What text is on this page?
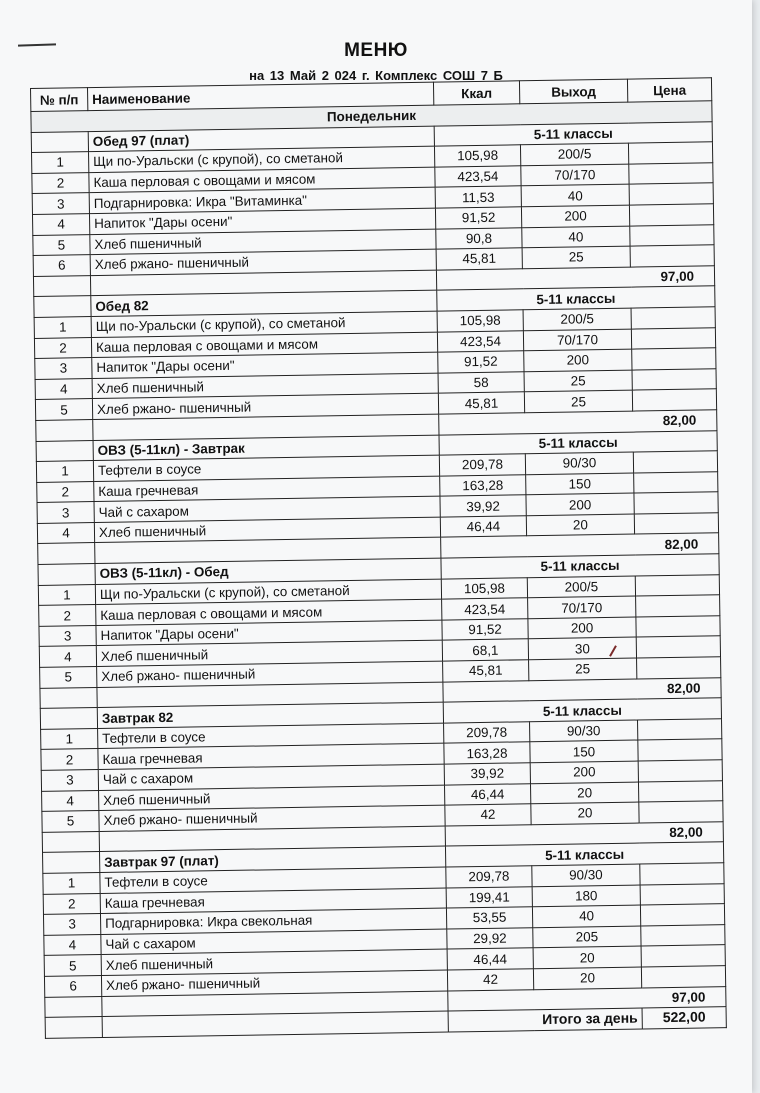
МЕНЮ
на 13 Май 2 024 г. Комплекс СОШ 7 Б
№ п/п	Наименование	Ккал	Выход	Цена
Понедельник				
	Обед 97 (плат)	5-11 классы		
1	Щи по-Уральски (с крупой), со сметаной	105,98	200/5	
2	Каша перловая с овощами и мясом	423,54	70/170	
3	Подгарнировка: Икра "Витаминка"	11,53	40	
4	Напиток "Дары осени"	91,52	200	
5	Хлеб пшеничный	90,8	40	
6	Хлеб ржано- пшеничный	45,81	25	
		97,00		
	Обед 82	5-11 классы		
1	Щи по-Уральски (с крупой), со сметаной	105,98	200/5	
2	Каша перловая с овощами и мясом	423,54	70/170	
3	Напиток "Дары осени"	91,52	200	
4	Хлеб пшеничный	58	25	
5	Хлеб ржано- пшеничный	45,81	25	
		82,00		
	ОВЗ (5-11кл) - Завтрак	5-11 классы		
1	Тефтели в соусе	209,78	90/30	
2	Каша гречневая	163,28	150	
3	Чай с сахаром	39,92	200	
4	Хлеб пшеничный	46,44	20	
		82,00		
	ОВЗ (5-11кл) - Обед	5-11 классы		
1	Щи по-Уральски (с крупой), со сметаной	105,98	200/5	
2	Каша перловая с овощами и мясом	423,54	70/170	
3	Напиток "Дары осени"	91,52	200	
4	Хлеб пшеничный	68,1	30	
5	Хлеб ржано- пшеничный	45,81	25	
		82,00		
	Завтрак 82	5-11 классы		
1	Тефтели в соусе	209,78	90/30	
2	Каша гречневая	163,28	150	
3	Чай с сахаром	39,92	200	
4	Хлеб пшеничный	46,44	20	
5	Хлеб ржано- пшеничный	42	20	
		82,00		
	Завтрак 97 (плат)	5-11 классы		
1	Тефтели в соусе	209,78	90/30	
2	Каша гречневая	199,41	180	
3	Подгарнировка: Икра свекольная	53,55	40	
4	Чай с сахаром	29,92	205	
5	Хлеб пшеничный	46,44	20	
6	Хлеб ржано- пшеничный	42	20	
		97,00		
		Итого за день		522,00
